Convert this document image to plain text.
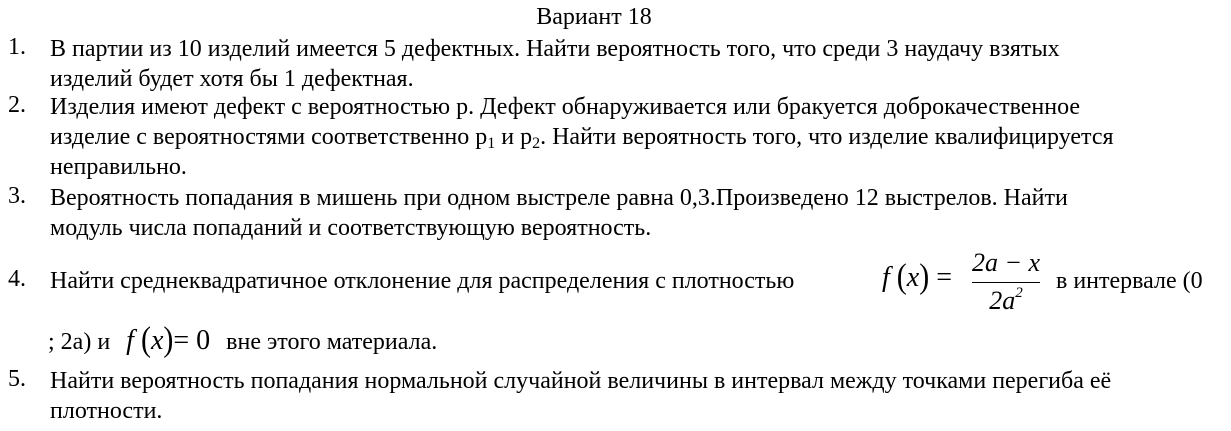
Вариант 18
1.	В партии из 10 изделий имеется 5 дефектных. Найти вероятность того, что среди 3 наудачу взятых
изделий будет хотя бы 1 дефектная.
2.	Изделия имеют дефект с вероятностью p. Дефект обнаруживается или бракуется доброкачественное
изделие с вероятностями соответственно $p_1$ и $p_2$. Найти вероятность того, что изделие квалифицируется
неправильно.
3.	Вероятность попадания в мишень при одном выстреле равна 0,3.Произведено 12 выстрелов. Найти
модуль числа попаданий и соответствующую вероятность.
4.	Найти среднеквадратичное отклонение для распределения с плотностью	f (x) = 2a − x
$2a^2$	в интервале (0
; 2a) и f (x)= 0 вне этого материала.
5.	Найти вероятность попадания нормальной случайной величины в интервал между точками перегиба её
плотности.
